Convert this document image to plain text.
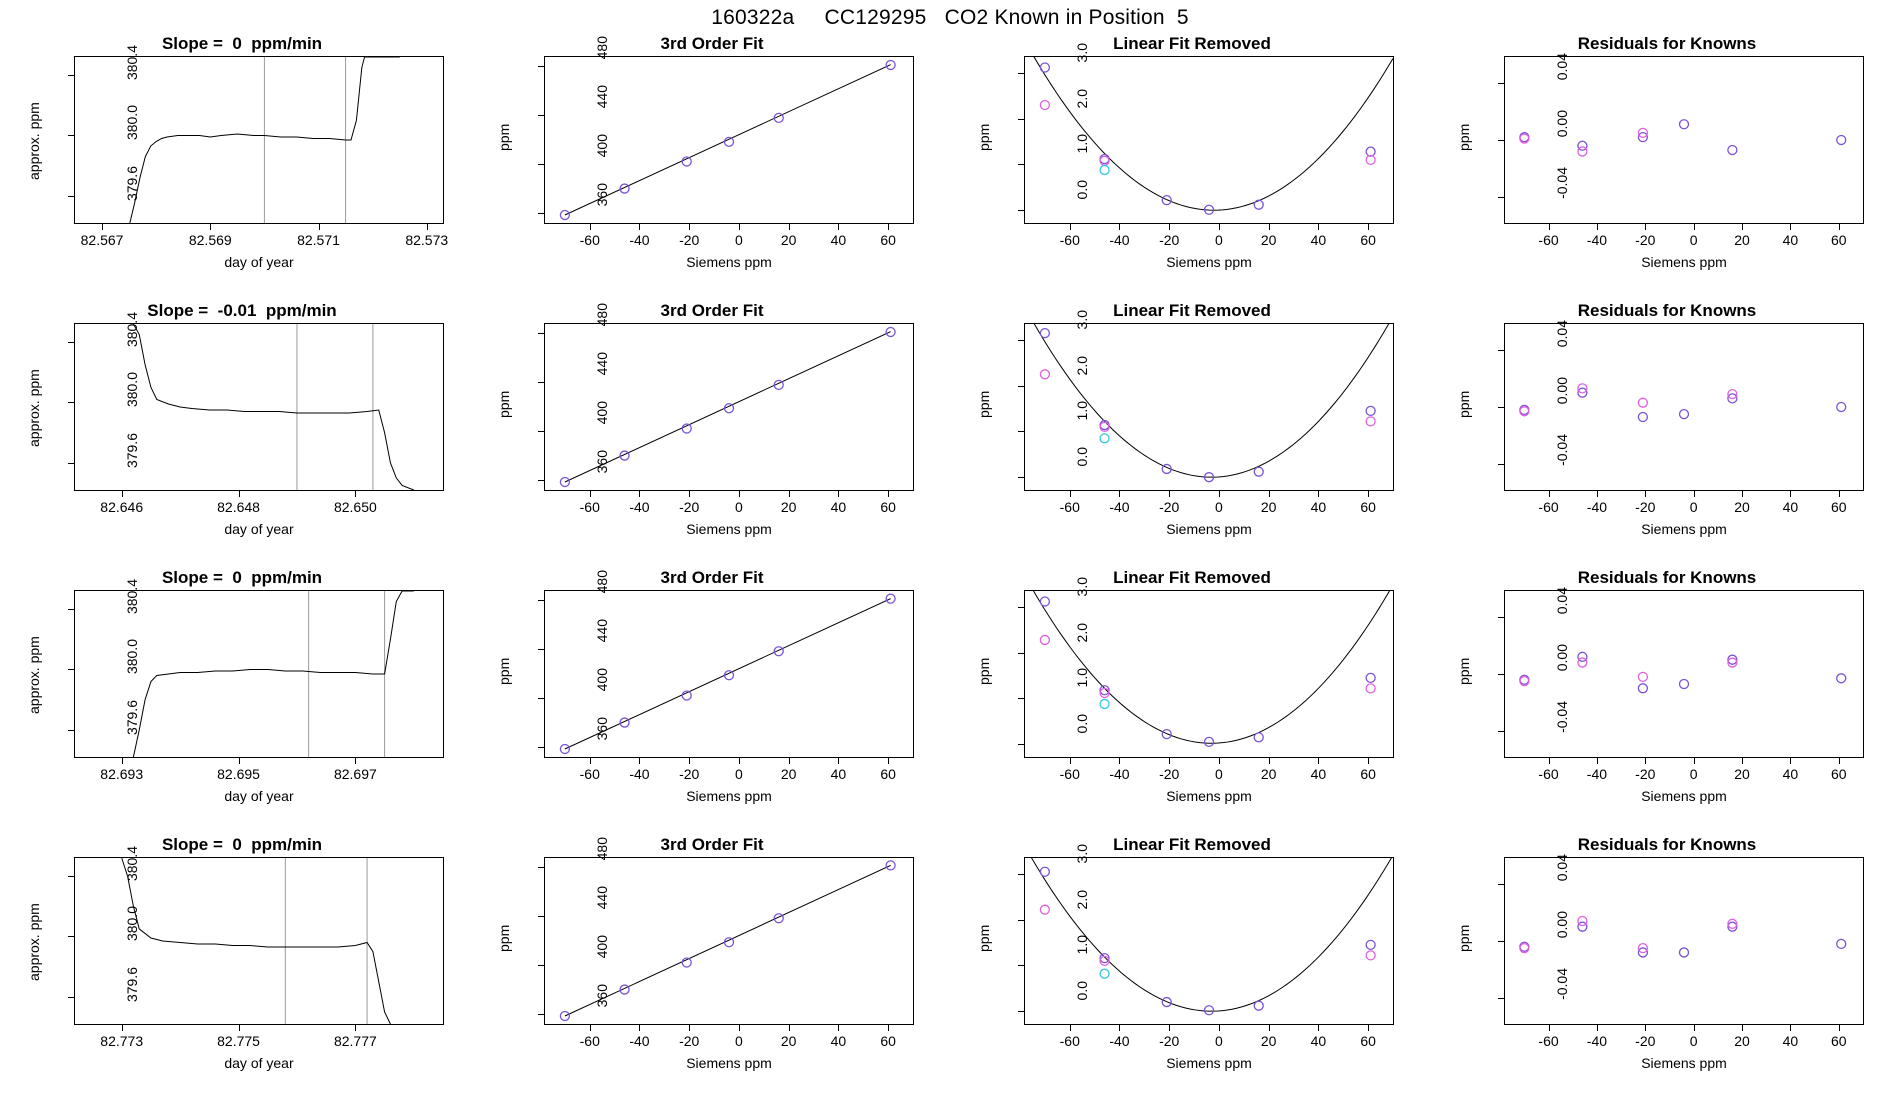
160322a     CC129295   CO2 Known in Position  5
Slope =  0  ppm/min
82.567	82.569	82.571	82.573
379.6
380.0
380.4
day of year
approx. ppm
3rd Order Fit
-60	-40	-20	0	20	40	60
360
400
440
480
Siemens ppm
ppm
Linear Fit Removed
-60	-40	-20	0	20	40	60
0.0
1.0
2.0
3.0
Siemens ppm
ppm
Residuals for Knowns
-60	-40	-20	0	20	40	60
-0.04
0.00
0.04
Siemens ppm
ppm
Slope =  -0.01  ppm/min
82.646	82.648	82.650
379.6
380.0
380.4
day of year
approx. ppm
3rd Order Fit
-60	-40	-20	0	20	40	60
360
400
440
480
Siemens ppm
ppm
Linear Fit Removed
-60	-40	-20	0	20	40	60
0.0
1.0
2.0
3.0
Siemens ppm
ppm
Residuals for Knowns
-60	-40	-20	0	20	40	60
-0.04
0.00
0.04
Siemens ppm
ppm
Slope =  0  ppm/min
82.693	82.695	82.697
379.6
380.0
380.4
day of year
approx. ppm
3rd Order Fit
-60	-40	-20	0	20	40	60
360
400
440
480
Siemens ppm
ppm
Linear Fit Removed
-60	-40	-20	0	20	40	60
0.0
1.0
2.0
3.0
Siemens ppm
ppm
Residuals for Knowns
-60	-40	-20	0	20	40	60
-0.04
0.00
0.04
Siemens ppm
ppm
Slope =  0  ppm/min
82.773	82.775	82.777
379.6
380.0
380.4
day of year
approx. ppm
3rd Order Fit
-60	-40	-20	0	20	40	60
360
400
440
480
Siemens ppm
ppm
Linear Fit Removed
-60	-40	-20	0	20	40	60
0.0
1.0
2.0
3.0
Siemens ppm
ppm
Residuals for Knowns
-60	-40	-20	0	20	40	60
-0.04
0.00
0.04
Siemens ppm
ppm
